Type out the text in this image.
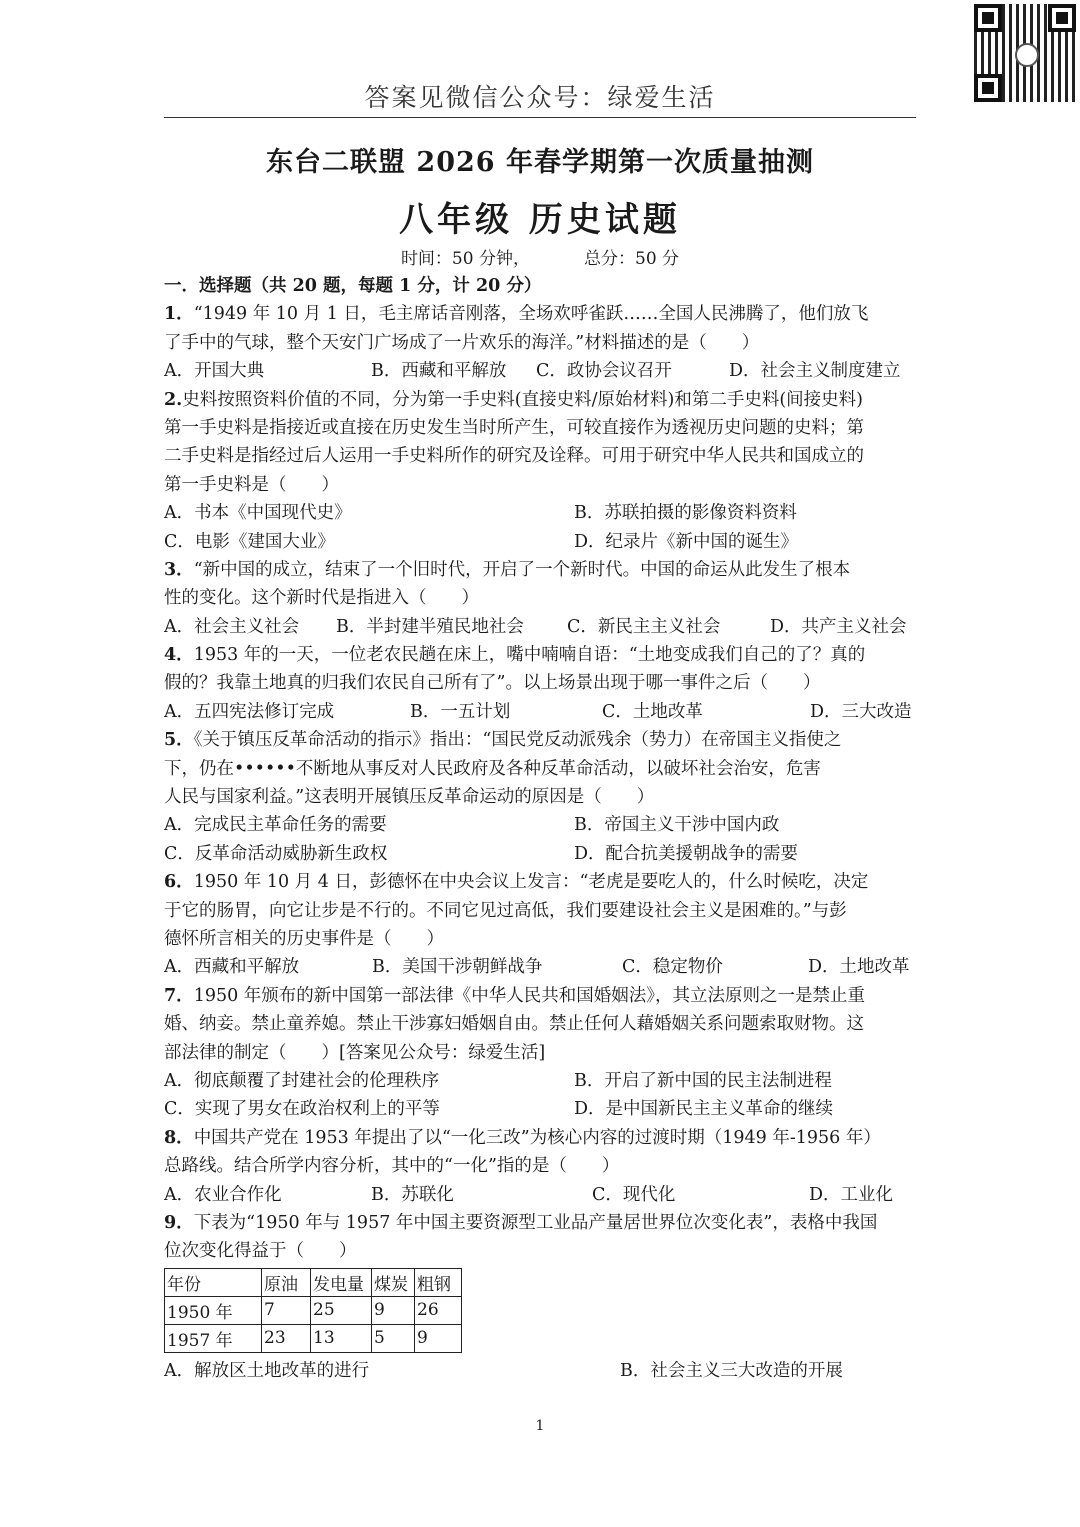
答案见微信公众号：绿爱生活
东台二联盟 2026 年春学期第一次质量抽测
八年级 历史试题
时间：50 分钟，          总分：50 分
一．选择题（共 20 题，每题 1 分，计 20 分）
1．“1949 年 10 月 1 日，毛主席话音刚落，全场欢呼雀跃……全国人民沸腾了，他们放飞
了手中的气球，整个天安门广场成了一片欢乐的海洋。”材料描述的是（　　）
A．开国大典	B．西藏和平解放	C．政协会议召开	D．社会主义制度建立
2.史料按照资料价值的不同，分为第一手史料(直接史料/原始材料)和第二手史料(间接史料)
第一手史料是指接近或直接在历史发生当时所产生，可较直接作为透视历史问题的史料；第
二手史料是指经过后人运用一手史料所作的研究及诠释。可用于研究中华人民共和国成立的
第一手史料是（　　）
A．书本《中国现代史》	B．苏联拍摄的影像资料资料
C．电影《建国大业》	D．纪录片《新中国的诞生》
3．“新中国的成立，结束了一个旧时代，开启了一个新时代。中国的命运从此发生了根本
性的变化。这个新时代是指进入（　　）
A．社会主义社会	B．半封建半殖民地社会	C．新民主主义社会	D．共产主义社会
4．1953 年的一天，一位老农民趟在床上，嘴中喃喃自语：“土地变成我们自己的了？真的
假的？我靠土地真的归我们农民自己所有了”。以上场景出现于哪一事件之后（　　）
A．五四宪法修订完成	B．一五计划	C．土地改革	D．三大改造
5．《关于镇压反革命活动的指示》指出：“国民党反动派残余（势力）在帝国主义指使之
下，仍在••••••不断地从事反对人民政府及各种反革命活动，以破坏社会治安，危害
人民与国家利益。”这表明开展镇压反革命运动的原因是（　　）
A．完成民主革命任务的需要	B．帝国主义干涉中国内政
C．反革命活动威胁新生政权	D．配合抗美援朝战争的需要
6．1950 年 10 月 4 日，彭德怀在中央会议上发言：“老虎是要吃人的，什么时候吃，决定
于它的肠胃，向它让步是不行的。不同它见过高低，我们要建设社会主义是困难的。”与彭
德怀所言相关的历史事件是（　　）
A．西藏和平解放	B．美国干涉朝鲜战争	C．稳定物价	D．土地改革
7．1950 年颁布的新中国第一部法律《中华人民共和国婚姻法》，其立法原则之一是禁止重
婚、纳妾。禁止童养媳。禁止干涉寡妇婚姻自由。禁止任何人藉婚姻关系问题索取财物。这
部法律的制定（　　）[答案见公众号：绿爱生活]
A．彻底颠覆了封建社会的伦理秩序	B．开启了新中国的民主法制进程
C．实现了男女在政治权利上的平等	D．是中国新民主主义革命的继续
8．中国共产党在 1953 年提出了以“一化三改”为核心内容的过渡时期（1949 年-1956 年）
总路线。结合所学内容分析，其中的“一化”指的是（　　）
A．农业合作化	B．苏联化	C．现代化	D．工业化
9．下表为“1950 年与 1957 年中国主要资源型工业品产量居世界位次变化表”，表格中我国
位次变化得益于（　　）
年份	原油	发电量	煤炭	粗钢
1950 年	7	25	9	26
1957 年	23	13	5	9
A．解放区土地改革的进行	B．社会主义三大改造的开展
1
